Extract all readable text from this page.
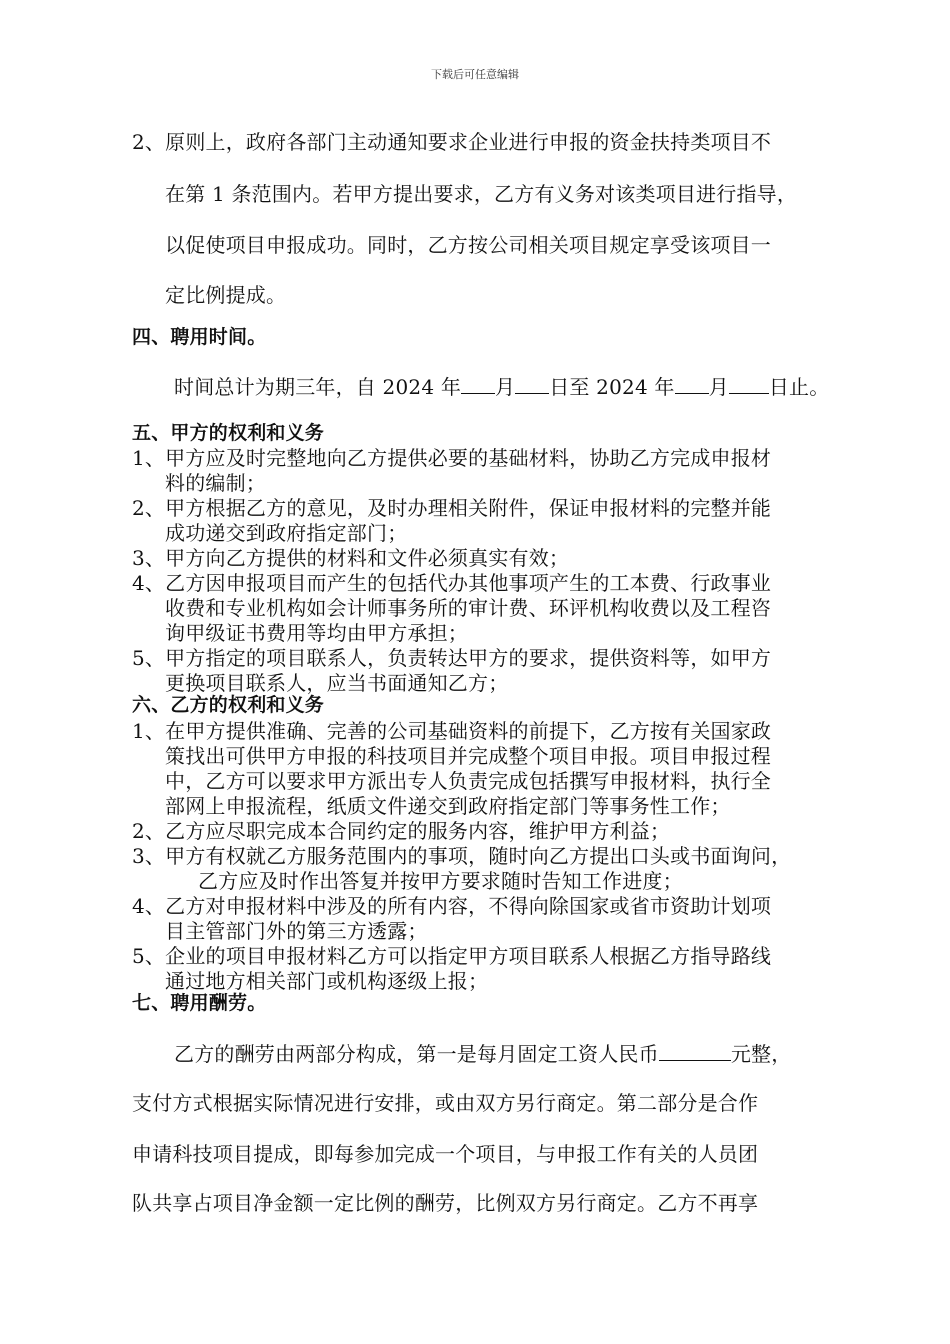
下载后可任意编辑
2、原则上，政府各部门主动通知要求企业进行申报的资金扶持类项目不
在第 1 条范围内。若甲方提出要求，乙方有义务对该类项目进行指导，
以促使项目申报成功。同时，乙方按公司相关项目规定享受该项目一
定比例提成。
四、聘用时间。
时间总计为期三年，自 2024 年 月 日至 2024 年 月 日止。
五、甲方的权利和义务
1、甲方应及时完整地向乙方提供必要的基础材料，协助乙方完成申报材
料的编制；
2、甲方根据乙方的意见，及时办理相关附件，保证申报材料的完整并能
成功递交到政府指定部门；
3、甲方向乙方提供的材料和文件必须真实有效；
4、乙方因申报项目而产生的包括代办其他事项产生的工本费、行政事业
收费和专业机构如会计师事务所的审计费、环评机构收费以及工程咨
询甲级证书费用等均由甲方承担；
5、甲方指定的项目联系人，负责转达甲方的要求，提供资料等，如甲方
更换项目联系人，应当书面通知乙方；
六、乙方的权利和义务
1、在甲方提供准确、完善的公司基础资料的前提下，乙方按有关国家政
策找出可供甲方申报的科技项目并完成整个项目申报。项目申报过程
中，乙方可以要求甲方派出专人负责完成包括撰写申报材料，执行全
部网上申报流程，纸质文件递交到政府指定部门等事务性工作；
2、乙方应尽职完成本合同约定的服务内容，维护甲方利益；
3、甲方有权就乙方服务范围内的事项，随时向乙方提出口头或书面询问，
乙方应及时作出答复并按甲方要求随时告知工作进度；
4、乙方对申报材料中涉及的所有内容，不得向除国家或省市资助计划项
目主管部门外的第三方透露；
5、企业的项目申报材料乙方可以指定甲方项目联系人根据乙方指导路线
通过地方相关部门或机构逐级上报；
七、聘用酬劳。
乙方的酬劳由两部分构成，第一是每月固定工资人民币	元整，
支付方式根据实际情况进行安排，或由双方另行商定。第二部分是合作
申请科技项目提成，即每参加完成一个项目，与申报工作有关的人员团
队共享占项目净金额一定比例的酬劳，比例双方另行商定。乙方不再享
